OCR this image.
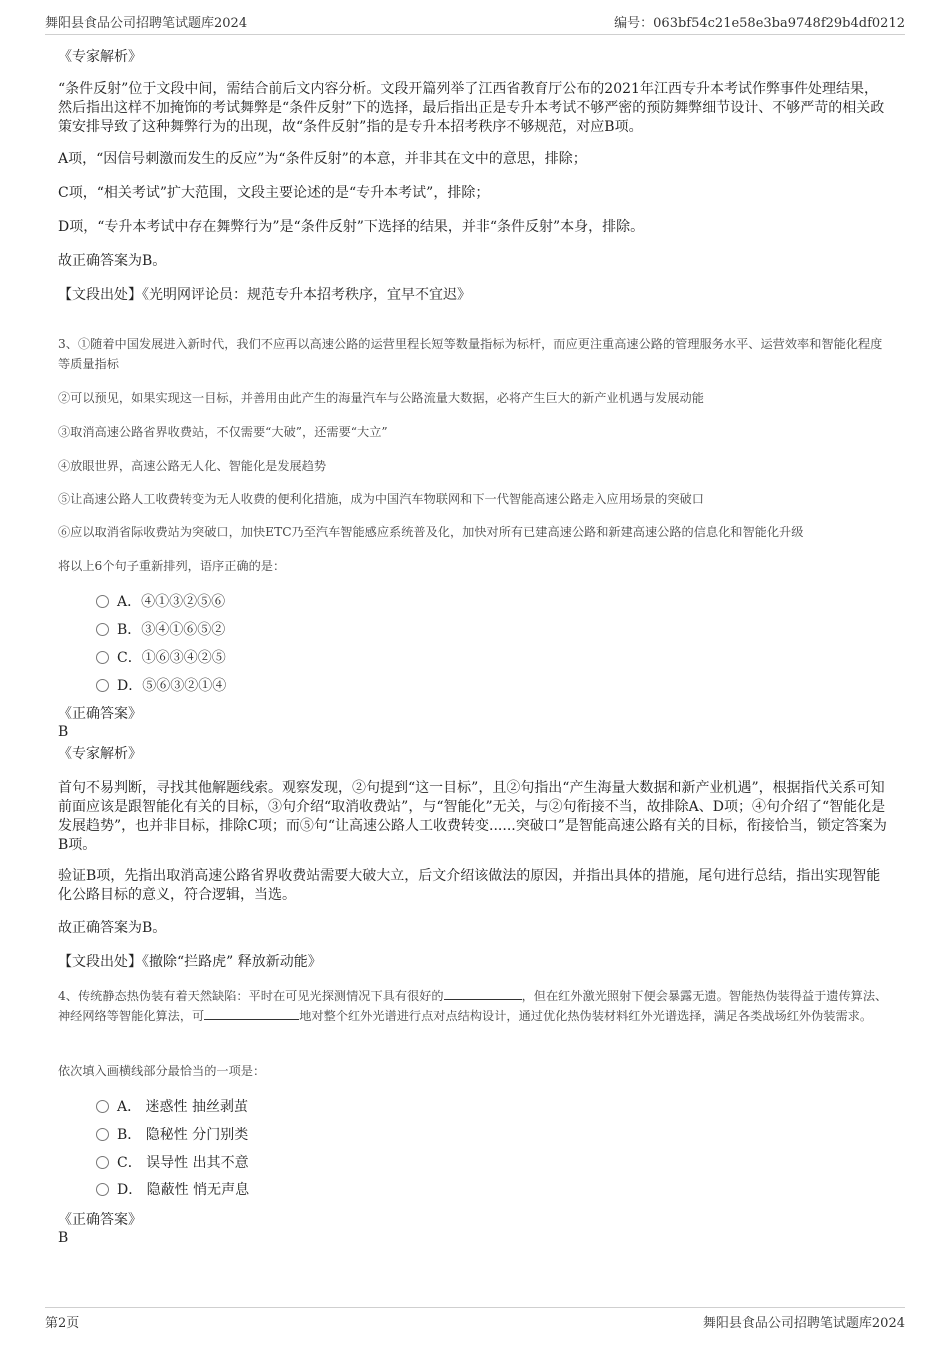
舞阳县食品公司招聘笔试题库2024	编号：063bf54c21e58e3ba9748f29b4df0212
《专家解析》
“条件反射”位于文段中间，需结合前后文内容分析。文段开篇列举了江西省教育厅公布的2021年江西专升本考试作弊事件处理结果，然后指出这样不加掩饰的考试舞弊是“条件反射”下的选择，最后指出正是专升本考试不够严密的预防舞弊细节设计、不够严苛的相关政策安排导致了这种舞弊行为的出现，故“条件反射”指的是专升本招考秩序不够规范，对应B项。
A项，“因信号刺激而发生的反应”为“条件反射”的本意，并非其在文中的意思，排除；
C项，“相关考试”扩大范围，文段主要论述的是“专升本考试”，排除；
D项，“专升本考试中存在舞弊行为”是“条件反射”下选择的结果，并非“条件反射”本身，排除。
故正确答案为B。
【文段出处】《光明网评论员：规范专升本招考秩序，宜早不宜迟》
3、①随着中国发展进入新时代，我们不应再以高速公路的运营里程长短等数量指标为标杆，而应更注重高速公路的管理服务水平、运营效率和智能化程度等质量指标
②可以预见，如果实现这一目标，并善用由此产生的海量汽车与公路流量大数据，必将产生巨大的新产业机遇与发展动能
③取消高速公路省界收费站，不仅需要“大破”，还需要“大立”
④放眼世界，高速公路无人化、智能化是发展趋势
⑤让高速公路人工收费转变为无人收费的便利化措施，成为中国汽车物联网和下一代智能高速公路走入应用场景的突破口
⑥应以取消省际收费站为突破口，加快ETC乃至汽车智能感应系统普及化，加快对所有已建高速公路和新建高速公路的信息化和智能化升级
将以上6个句子重新排列，语序正确的是：
A．④①③②⑤⑥
B．③④①⑥⑤②
C．①⑥③④②⑤
D．⑤⑥③②①④
《正确答案》
B
《专家解析》
首句不易判断，寻找其他解题线索。观察发现，②句提到“这一目标”，且②句指出“产生海量大数据和新产业机遇”，根据指代关系可知前面应该是跟智能化有关的目标，③句介绍“取消收费站”，与“智能化”无关，与②句衔接不当，故排除A、D项；④句介绍了“智能化是发展趋势”，也并非目标，排除C项；而⑤句“让高速公路人工收费转变......突破口”是智能高速公路有关的目标，衔接恰当，锁定答案为B项。
验证B项，先指出取消高速公路省界收费站需要大破大立，后文介绍该做法的原因，并指出具体的措施，尾句进行总结，指出实现智能化公路目标的意义，符合逻辑，当选。
故正确答案为B。
【文段出处】《撤除“拦路虎” 释放新动能》
4、传统静态热伪装有着天然缺陷：平时在可见光探测情况下具有很好的	，但在红外激光照射下便会暴露无遗。智能热伪装得益于遗传算法、神经网络等智能化算法，可	地对整个红外光谱进行点对点结构设计，通过优化热伪装材料红外光谱选择，满足各类战场红外伪装需求。
依次填入画横线部分最恰当的一项是：
A． 迷惑性 抽丝剥茧
B． 隐秘性 分门别类
C． 误导性 出其不意
D． 隐蔽性 悄无声息
《正确答案》
B
第2页	舞阳县食品公司招聘笔试题库2024
